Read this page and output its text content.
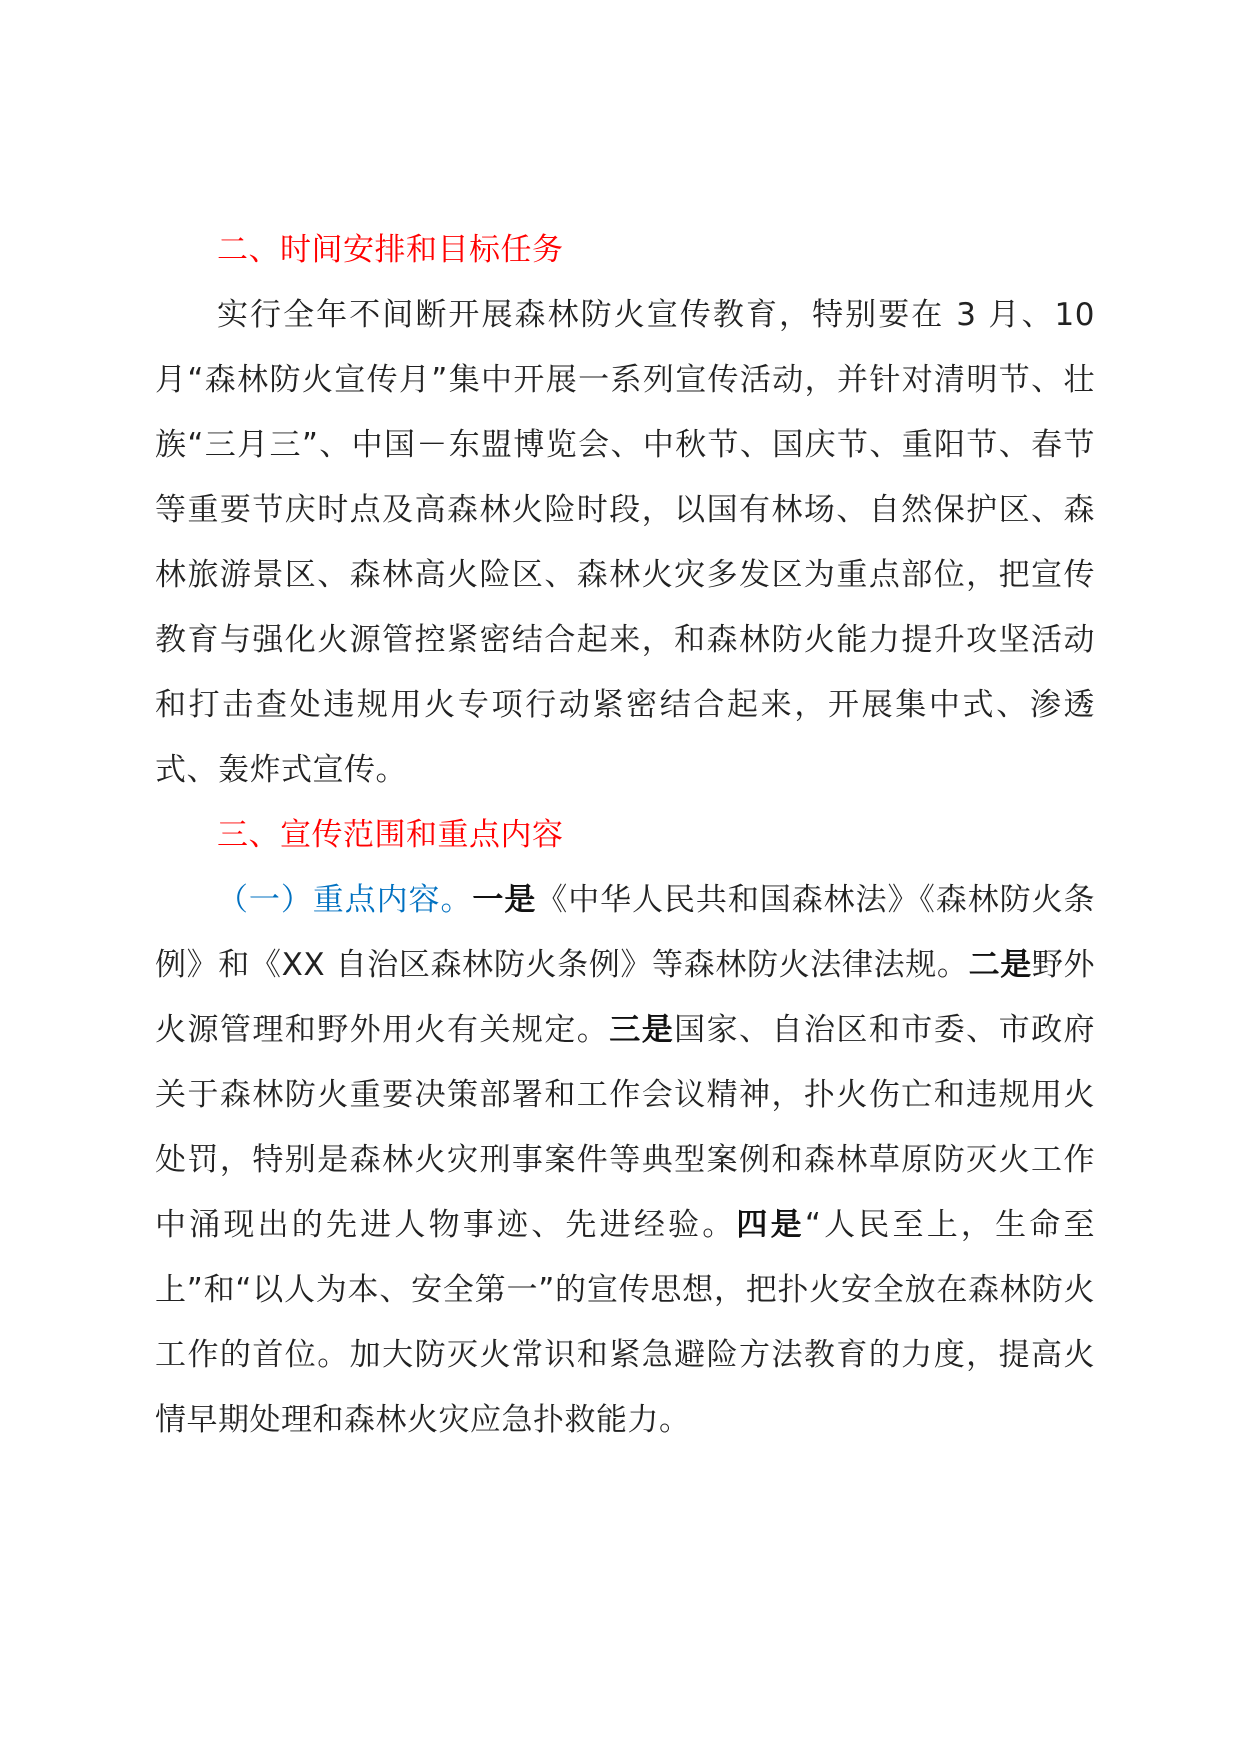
二、时间安排和目标任务

实行全年不间断开展森林防火宣传教育，特别要在 3 月、10 月“森林防火宣传月”集中开展一系列宣传活动，并针对清明节、壮族“三月三”、中国－东盟博览会、中秋节、国庆节、重阳节、春节等重要节庆时点及高森林火险时段，以国有林场、自然保护区、森林旅游景区、森林高火险区、森林火灾多发区为重点部位，把宣传教育与强化火源管控紧密结合起来，和森林防火能力提升攻坚活动和打击查处违规用火专项行动紧密结合起来，开展集中式、渗透式、轰炸式宣传。

三、宣传范围和重点内容

（一）重点内容。一是《中华人民共和国森林法》《森林防火条例》和《XX 自治区森林防火条例》等森林防火法律法规。二是野外火源管理和野外用火有关规定。三是国家、自治区和市委、市政府关于森林防火重要决策部署和工作会议精神，扑火伤亡和违规用火处罚，特别是森林火灾刑事案件等典型案例和森林草原防灭火工作中涌现出的先进人物事迹、先进经验。四是“人民至上，生命至上”和“以人为本、安全第一”的宣传思想，把扑火安全放在森林防火工作的首位。加大防灭火常识和紧急避险方法教育的力度，提高火情早期处理和森林火灾应急扑救能力。
